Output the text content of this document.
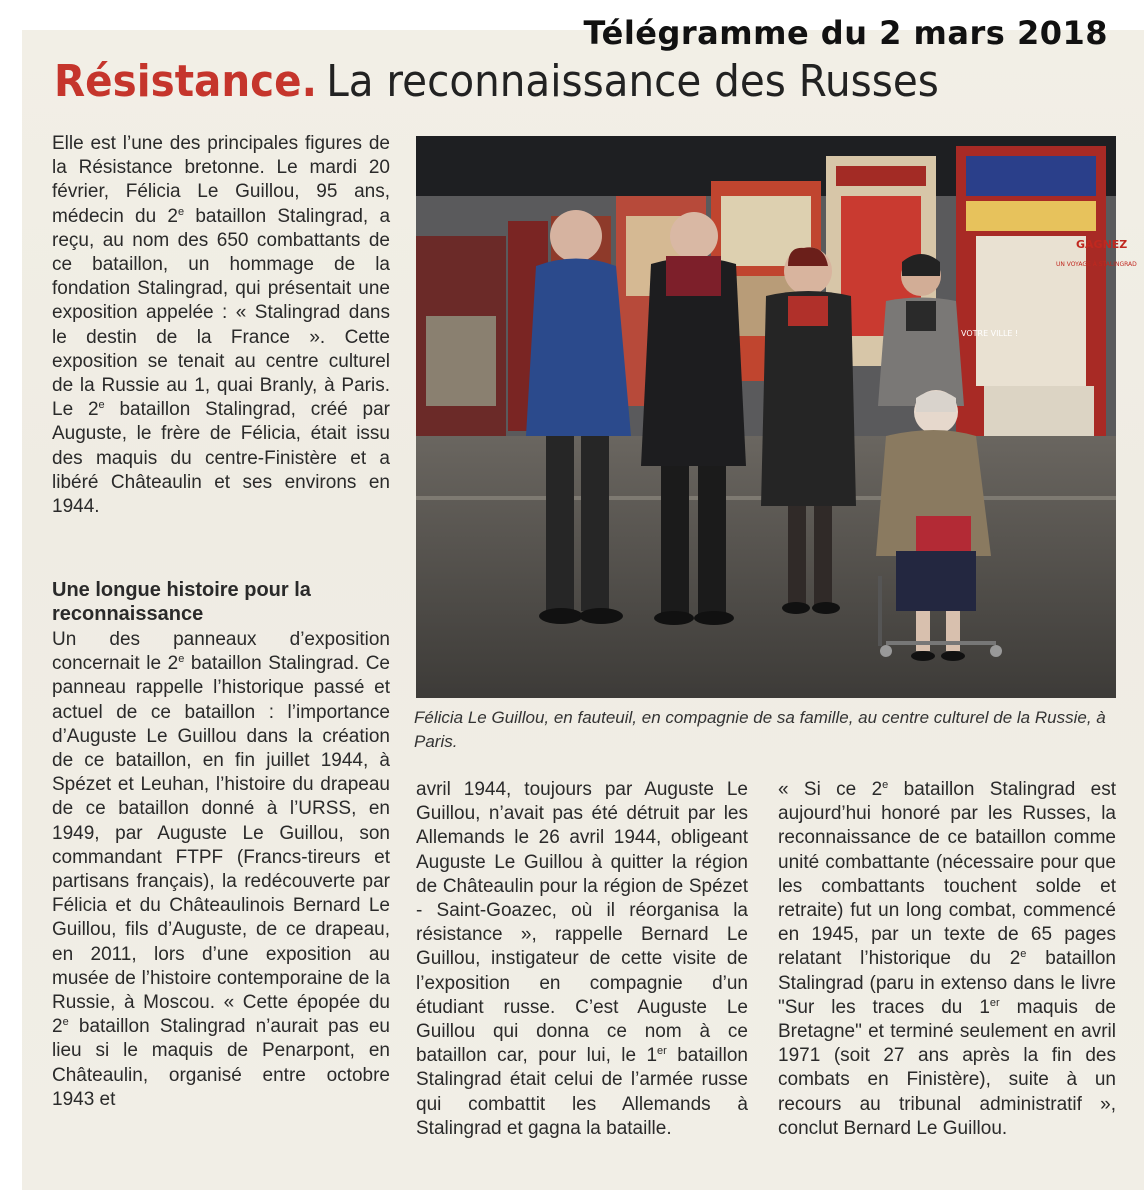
Télégramme du 2 mars 2018
Résistance. La reconnaissance des Russes

Elle est l’une des principales figures de la Résistance bretonne. Le mardi 20 février, Félicia Le Guillou, 95 ans, médecin du 2e bataillon Stalingrad, a reçu, au nom des 650 combattants de ce bataillon, un hommage de la fondation Stalingrad, qui présentait une exposition appelée : « Stalingrad dans le destin de la France ». Cette exposition se tenait au centre culturel de la Russie au 1, quai Branly, à Paris. Le 2e bataillon Stalingrad, créé par Auguste, le frère de Félicia, était issu des maquis du centre-Finistère et a libéré Châteaulin et ses environs en 1944.

Une longue histoire pour la reconnaissance

Un des panneaux d’exposition concernait le 2e bataillon Stalingrad. Ce panneau rappelle l’historique passé et actuel de ce bataillon : l’importance d’Auguste Le Guillou dans la création de ce bataillon, en fin juillet 1944, à Spézet et Leuhan, l’histoire du drapeau de ce bataillon donné à l’URSS, en 1949, par Auguste Le Guillou, son commandant FTPF (Francs-tireurs et partisans français), la redécouverte par Félicia et du Châteaulinois Bernard Le Guillou, fils d’Auguste, de ce drapeau, en 2011, lors d’une exposition au musée de l’histoire contemporaine de la Russie, à Moscou. « Cette épopée du 2e bataillon Stalingrad n’aurait pas eu lieu si le maquis de Penarpont, en Châteaulin, organisé entre octobre 1943 et

GAGNEZ
UN VOYAGE À STALINGRAD
VOTRE VILLE !
Félicia Le Guillou, en fauteuil, en compagnie de sa famille, au centre culturel de la Russie, à Paris.

avril 1944, toujours par Auguste Le Guillou, n’avait pas été détruit par les Allemands le 26 avril 1944, obligeant Auguste Le Guillou à quitter la région de Châteaulin pour la région de Spézet - Saint-Goazec, où il réorganisa la résistance », rappelle Bernard Le Guillou, instigateur de cette visite de l’exposition en compagnie d’un étudiant russe. C’est Auguste Le Guillou qui donna ce nom à ce bataillon car, pour lui, le 1er bataillon Stalingrad était celui de l’armée russe qui combattit les Allemands à Stalingrad et gagna la bataille.

« Si ce 2e bataillon Stalingrad est aujourd’hui honoré par les Russes, la reconnaissance de ce bataillon comme unité combattante (nécessaire pour que les combattants touchent solde et retraite) fut un long combat, commencé en 1945, par un texte de 65 pages relatant l’historique du 2e bataillon Stalingrad (paru in extenso dans le livre "Sur les traces du 1er maquis de Bretagne" et terminé seulement en avril 1971 (soit 27 ans après la fin des combats en Finistère), suite à un recours au tribunal administratif », conclut Bernard Le Guillou.
